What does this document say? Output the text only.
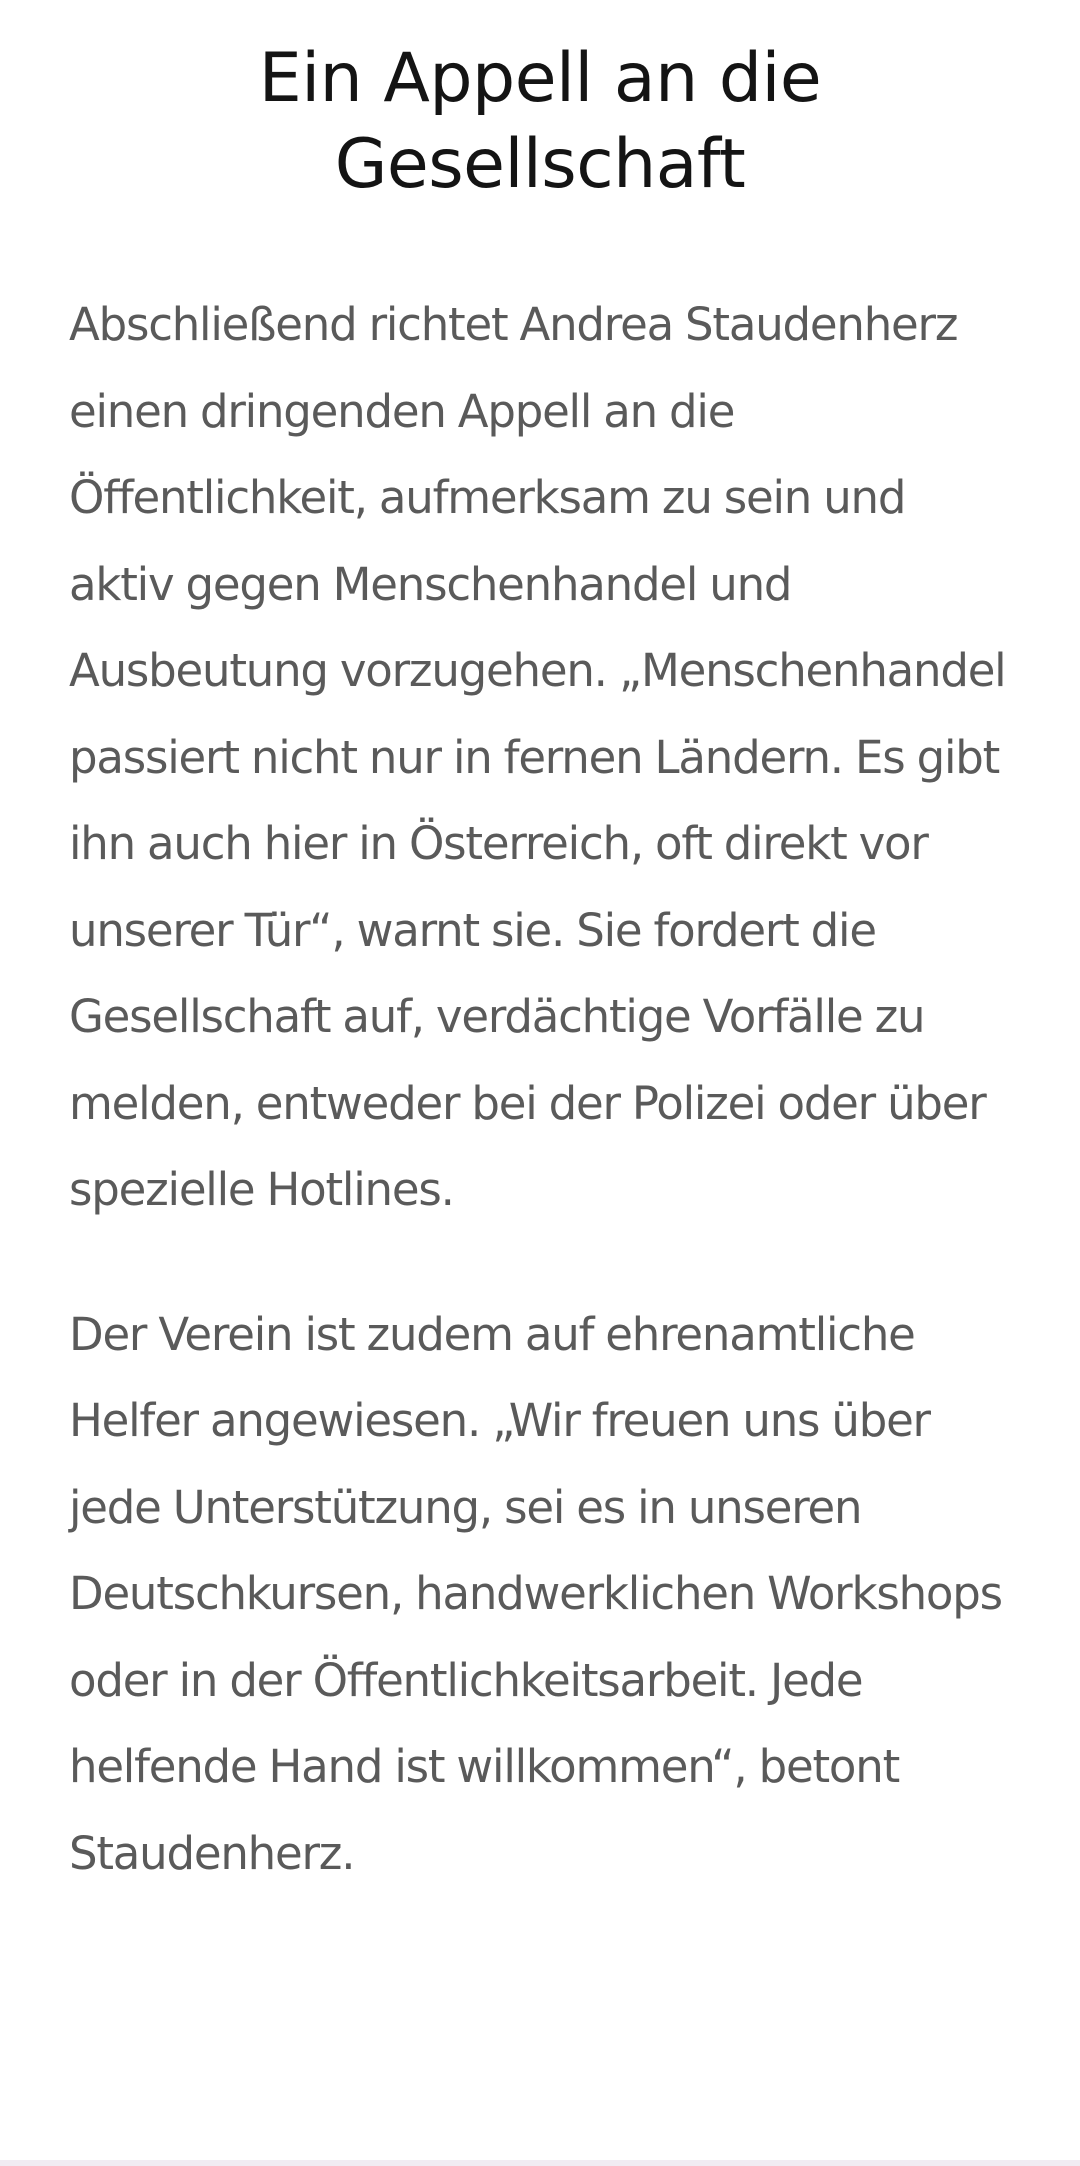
Ein Appell an die Gesellschaft

Abschließend richtet Andrea Staudenherz einen dringenden Appell an die Öffentlichkeit, aufmerksam zu sein und aktiv gegen Menschenhandel und Ausbeutung vorzugehen. „Menschenhandel passiert nicht nur in fernen Ländern. Es gibt ihn auch hier in Österreich, oft direkt vor unserer Tür“, warnt sie. Sie fordert die Gesellschaft auf, verdächtige Vorfälle zu melden, entweder bei der Polizei oder über spezielle Hotlines.

Der Verein ist zudem auf ehrenamtliche Helfer angewiesen. „Wir freuen uns über jede Unterstützung, sei es in unseren Deutschkursen, handwerklichen Workshops oder in der Öffentlichkeitsarbeit. Jede helfende Hand ist willkommen“, betont Staudenherz.
